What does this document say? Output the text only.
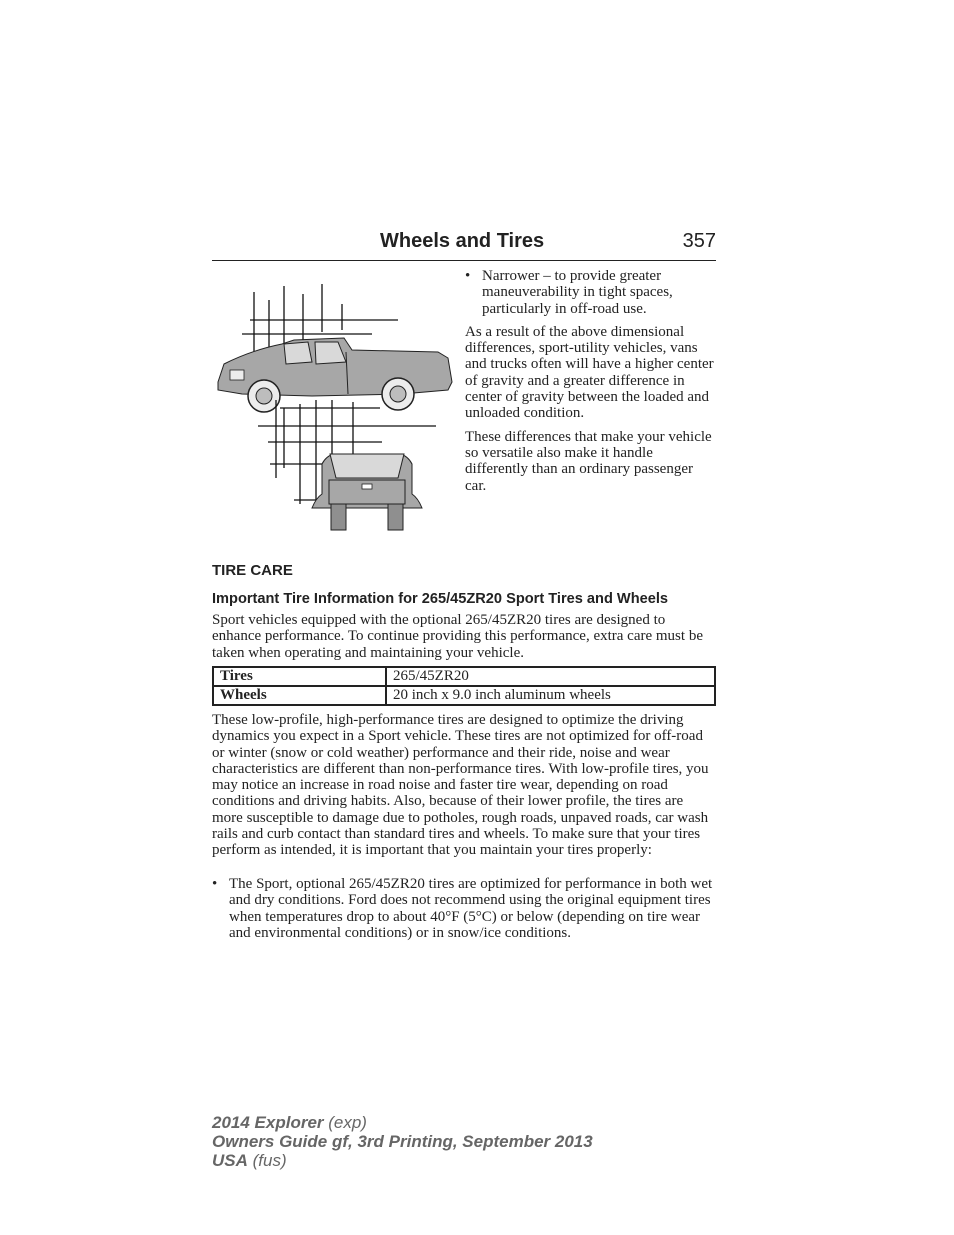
Wheels and Tires	357
• Narrower – to provide greater maneuverability in tight spaces, particularly in off-road use.

As a result of the above dimensional differences, sport-utility vehicles, vans and trucks often will have a higher center of gravity and a greater difference in center of gravity between the loaded and unloaded condition.

These differences that make your vehicle so versatile also make it handle differently than an ordinary passenger car.

TIRE CARE
Important Tire Information for 265/45ZR20 Sport Tires and Wheels

Sport vehicles equipped with the optional 265/45ZR20 tires are designed to enhance performance. To continue providing this performance, extra care must be taken when operating and maintaining your vehicle.

Tires	265/45ZR20
Wheels	20 inch x 9.0 inch aluminum wheels

These low-profile, high-performance tires are designed to optimize the driving dynamics you expect in a Sport vehicle. These tires are not optimized for off-road or winter (snow or cold weather) performance and their ride, noise and wear characteristics are different than non-performance tires. With low-profile tires, you may notice an increase in road noise and faster tire wear, depending on road conditions and driving habits. Also, because of their lower profile, the tires are more susceptible to damage due to potholes, rough roads, unpaved roads, car wash rails and curb contact than standard tires and wheels. To make sure that your tires perform as intended, it is important that you maintain your tires properly:

• The Sport, optional 265/45ZR20 tires are optimized for performance in both wet and dry conditions. Ford does not recommend using the original equipment tires when temperatures drop to about 40°F (5°C) or below (depending on tire wear and environmental conditions) or in snow/ice conditions.
2014 Explorer (exp)
Owners Guide gf, 3rd Printing, September 2013
USA (fus)
